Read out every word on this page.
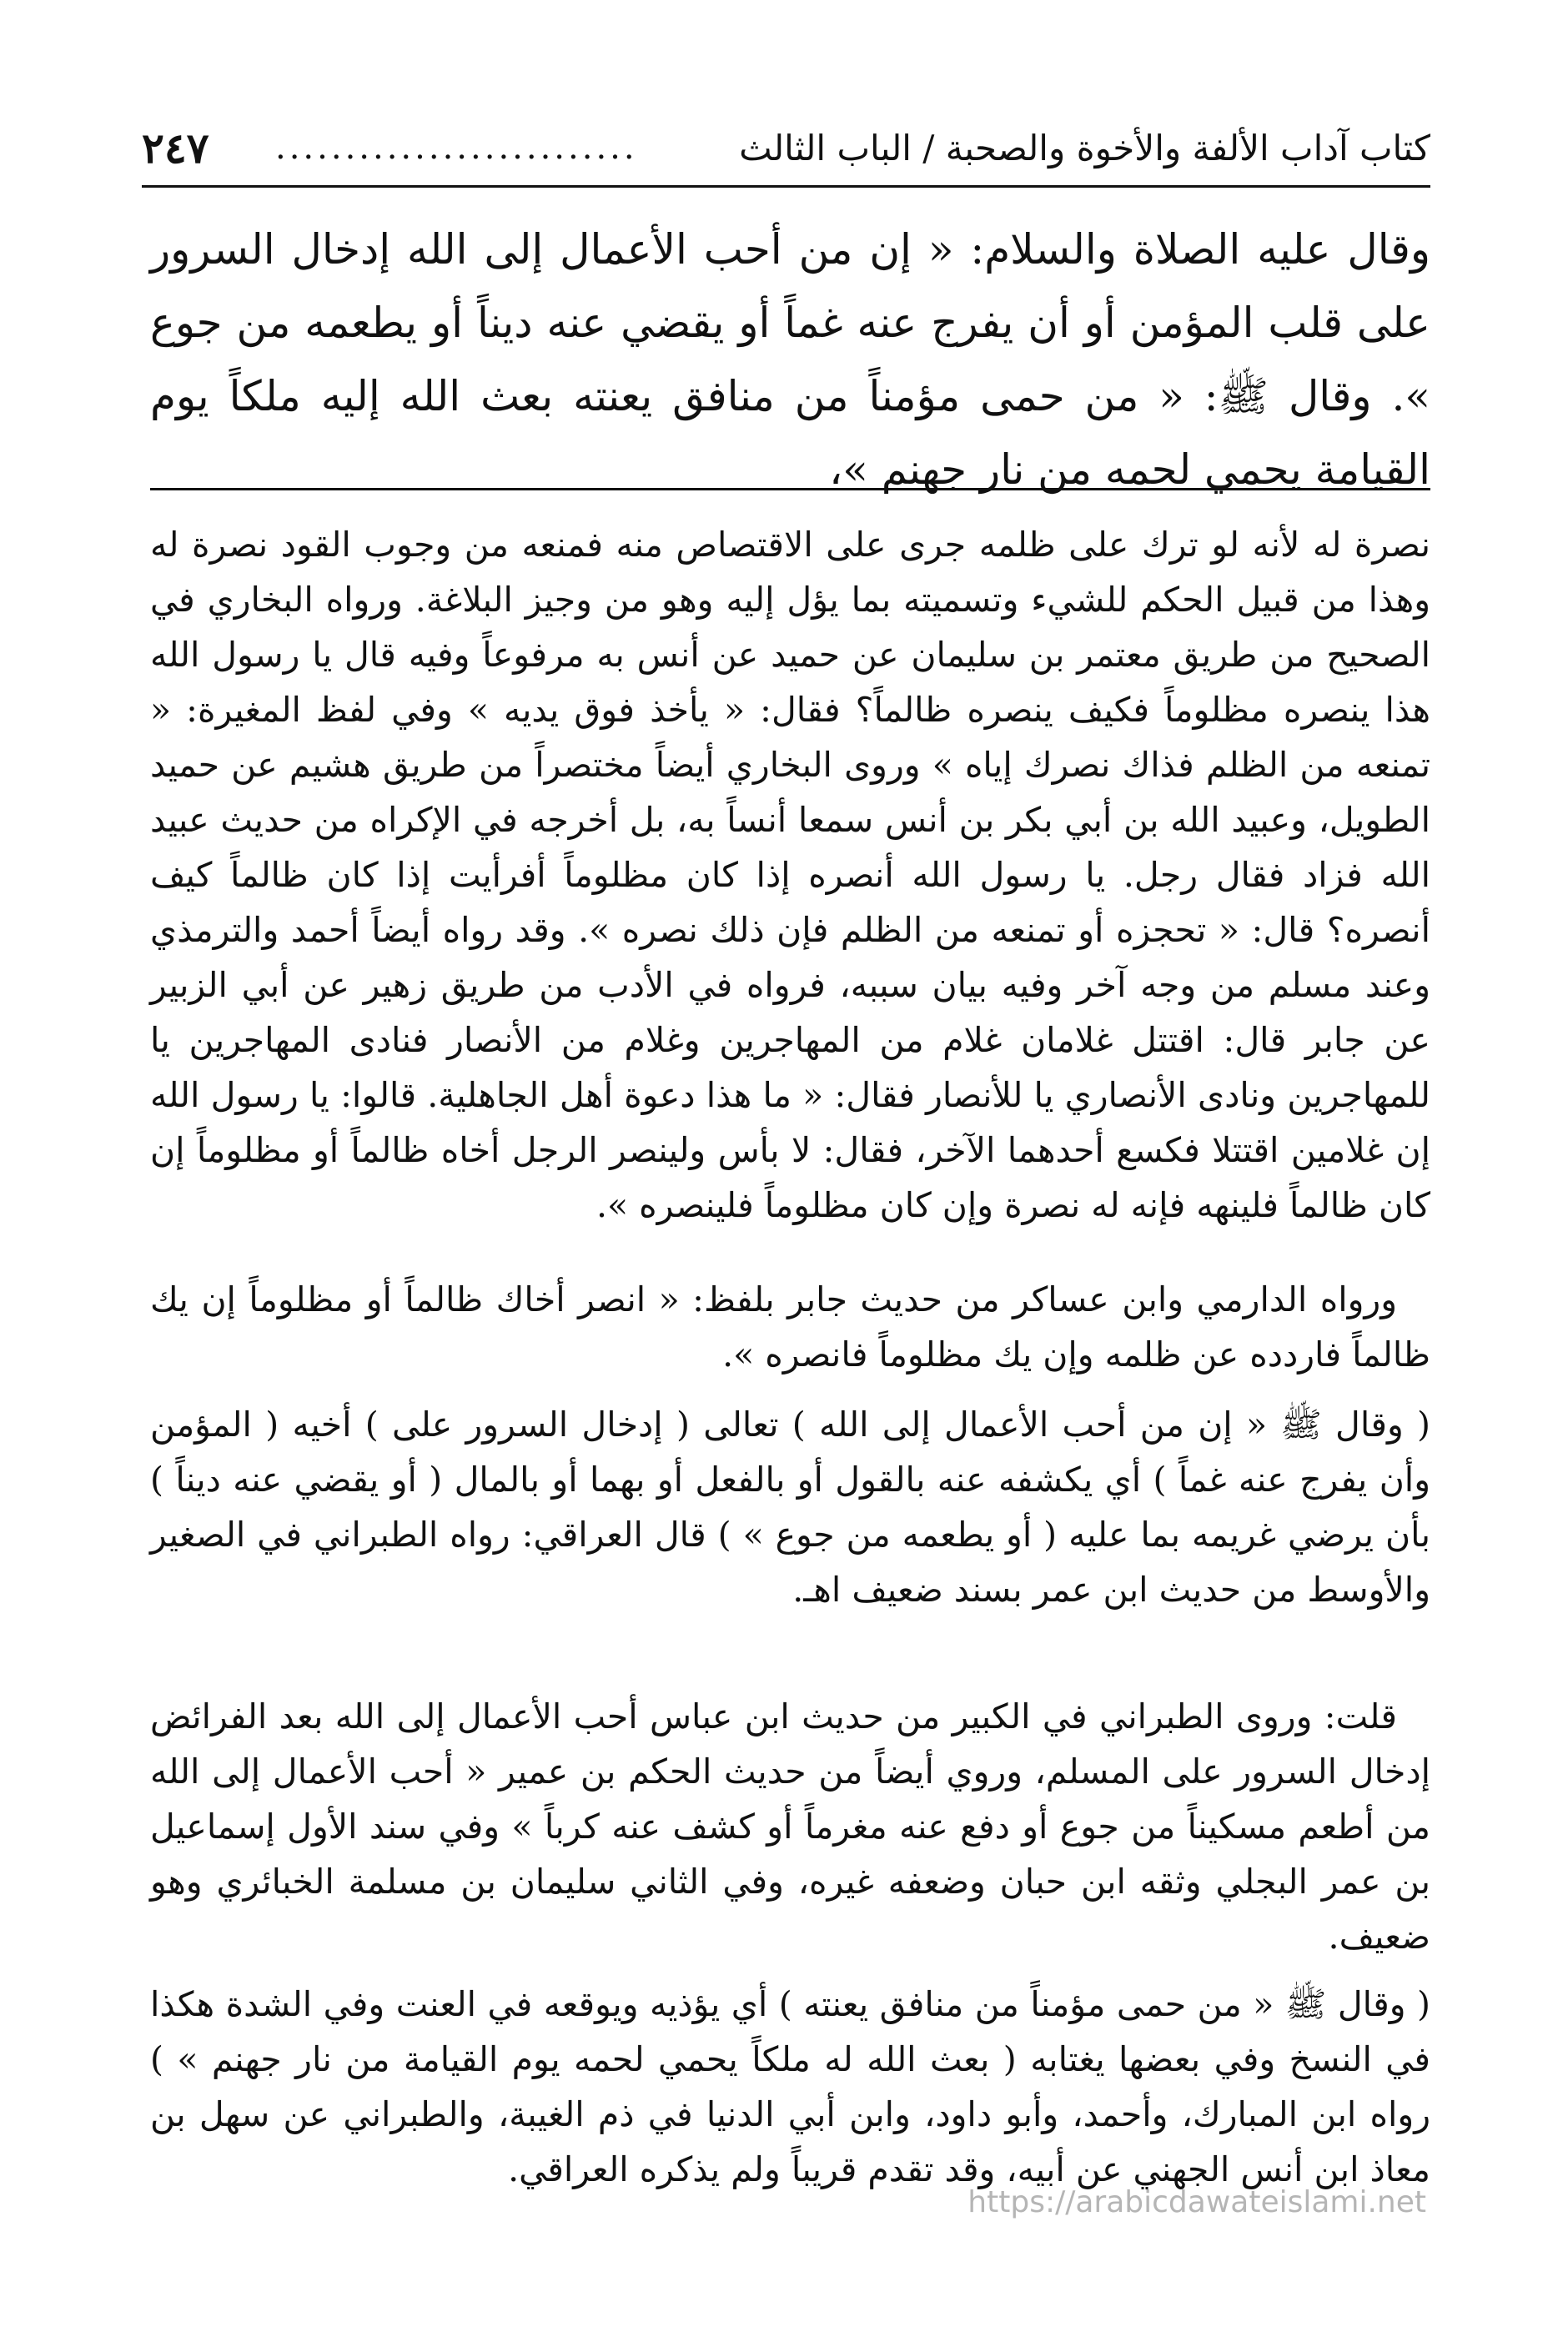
٢٤٧	..........................	كتاب آداب الألفة والأخوة والصحبة / الباب الثالث
وقال عليه الصلاة والسلام: « إن من أحب الأعمال إلى الله إدخال السرور على قلب المؤمن أو أن يفرج عنه غماً أو يقضي عنه ديناً أو يطعمه من جوع ». وقال ﷺ: « من حمى مؤمناً من منافق يعنته بعث الله إليه ملكاً يوم القيامة يحمي لحمه من نار جهنم »،

نصرة له لأنه لو ترك على ظلمه جرى على الاقتصاص منه فمنعه من وجوب القود نصرة له وهذا من قبيل الحكم للشيء وتسميته بما يؤل إليه وهو من وجيز البلاغة. ورواه البخاري في الصحيح من طريق معتمر بن سليمان عن حميد عن أنس به مرفوعاً وفيه قال يا رسول الله هذا ينصره مظلوماً فكيف ينصره ظالماً؟ فقال: « يأخذ فوق يديه » وفي لفظ المغيرة: « تمنعه من الظلم فذاك نصرك إياه » وروى البخاري أيضاً مختصراً من طريق هشيم عن حميد الطويل، وعبيد الله بن أبي بكر بن أنس سمعا أنساً به، بل أخرجه في الإكراه من حديث عبيد الله فزاد فقال رجل. يا رسول الله أنصره إذا كان مظلوماً أفرأيت إذا كان ظالماً كيف أنصره؟ قال: « تحجزه أو تمنعه من الظلم فإن ذلك نصره ». وقد رواه أيضاً أحمد والترمذي وعند مسلم من وجه آخر وفيه بيان سببه، فرواه في الأدب من طريق زهير عن أبي الزبير عن جابر قال: اقتتل غلامان غلام من المهاجرين وغلام من الأنصار فنادى المهاجرين يا للمهاجرين ونادى الأنصاري يا للأنصار فقال: « ما هذا دعوة أهل الجاهلية. قالوا: يا رسول الله إن غلامين اقتتلا فكسع أحدهما الآخر، فقال: لا بأس ولينصر الرجل أخاه ظالماً أو مظلوماً إن كان ظالماً فلينهه فإنه له نصرة وإن كان مظلوماً فلينصره ».

ورواه الدارمي وابن عساكر من حديث جابر بلفظ: « انصر أخاك ظالماً أو مظلوماً إن يك ظالماً فاردده عن ظلمه وإن يك مظلوماً فانصره ».

( وقال ﷺ « إن من أحب الأعمال إلى الله ) تعالى ( إدخال السرور على ) أخيه ( المؤمن وأن يفرج عنه غماً ) أي يكشفه عنه بالقول أو بالفعل أو بهما أو بالمال ( أو يقضي عنه ديناً ) بأن يرضي غريمه بما عليه ( أو يطعمه من جوع » ) قال العراقي: رواه الطبراني في الصغير والأوسط من حديث ابن عمر بسند ضعيف اهـ.

قلت: وروى الطبراني في الكبير من حديث ابن عباس أحب الأعمال إلى الله بعد الفرائض إدخال السرور على المسلم، وروي أيضاً من حديث الحكم بن عمير « أحب الأعمال إلى الله من أطعم مسكيناً من جوع أو دفع عنه مغرماً أو كشف عنه كرباً » وفي سند الأول إسماعيل بن عمر البجلي وثقه ابن حبان وضعفه غيره، وفي الثاني سليمان بن مسلمة الخبائري وهو ضعيف.

( وقال ﷺ « من حمى مؤمناً من منافق يعنته ) أي يؤذيه ويوقعه في العنت وفي الشدة هكذا في النسخ وفي بعضها يغتابه ( بعث الله له ملكاً يحمي لحمه يوم القيامة من نار جهنم » ) رواه ابن المبارك، وأحمد، وأبو داود، وابن أبي الدنيا في ذم الغيبة، والطبراني عن سهل بن معاذ ابن أنس الجهني عن أبيه، وقد تقدم قريباً ولم يذكره العراقي.

https://arabicdawateislami.net
